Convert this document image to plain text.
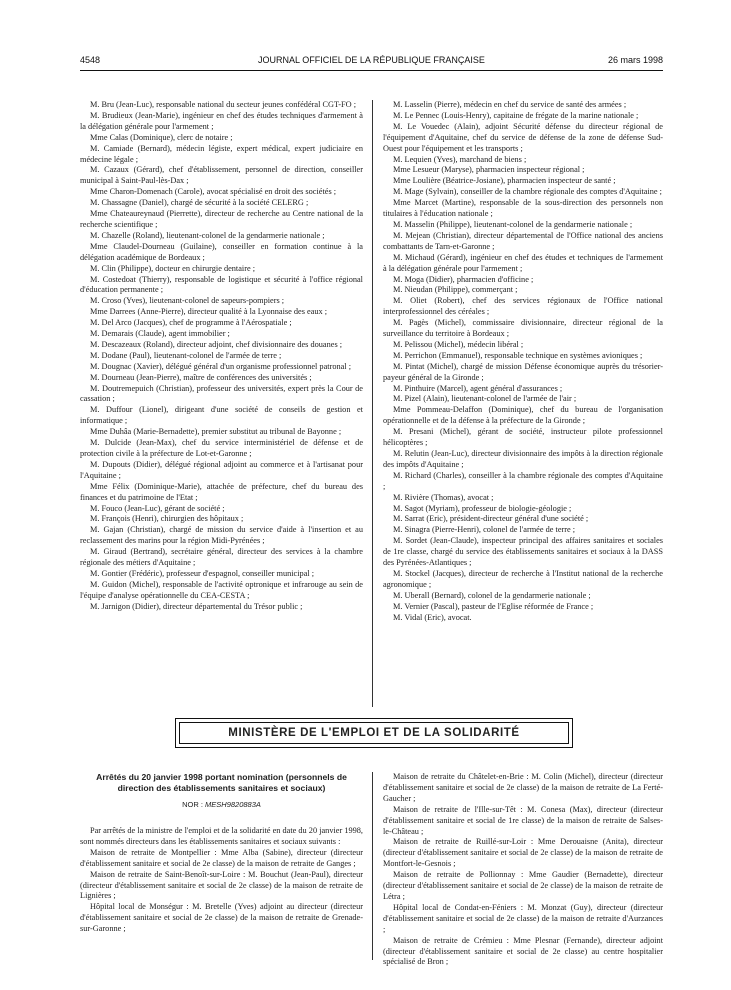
4548	JOURNAL OFFICIEL DE LA RÉPUBLIQUE FRANÇAISE	26 mars 1998

M. Bru (Jean-Luc), responsable national du secteur jeunes confédéral CGT-FO ;

M. Brudieux (Jean-Marie), ingénieur en chef des études techniques d'armement à la délégation générale pour l'armement ;

Mme Calas (Dominique), clerc de notaire ;

M. Camiade (Bernard), médecin légiste, expert médical, expert judiciaire en médecine légale ;

M. Cazaux (Gérard), chef d'établissement, personnel de direction, conseiller municipal à Saint-Paul-lès-Dax ;

Mme Charon-Domenach (Carole), avocat spécialisé en droit des sociétés ;

M. Chassagne (Daniel), chargé de sécurité à la société CELERG ;

Mme Chateaureynaud (Pierrette), directeur de recherche au Centre national de la recherche scientifique ;

M. Chazelle (Roland), lieutenant-colonel de la gendarmerie nationale ;

Mme Claudel-Dourneau (Guilaine), conseiller en formation continue à la délégation académique de Bordeaux ;

M. Clin (Philippe), docteur en chirurgie dentaire ;

M. Costedoat (Thierry), responsable de logistique et sécurité à l'office régional d'éducation permanente ;

M. Croso (Yves), lieutenant-colonel de sapeurs-pompiers ;

Mme Darrees (Anne-Pierre), directeur qualité à la Lyonnaise des eaux ;

M. Del Arco (Jacques), chef de programme à l'Aérospatiale ;

M. Demarais (Claude), agent immobilier ;

M. Descazeaux (Roland), directeur adjoint, chef divisionnaire des douanes ;

M. Dodane (Paul), lieutenant-colonel de l'armée de terre ;

M. Dougnac (Xavier), délégué général d'un organisme professionnel patronal ;

M. Dourneau (Jean-Pierre), maître de conférences des universités ;

M. Doutremepuich (Christian), professeur des universités, expert près la Cour de cassation ;

M. Duffour (Lionel), dirigeant d'une société de conseils de gestion et informatique ;

Mme Duhâa (Marie-Bernadette), premier substitut au tribunal de Bayonne ;

M. Dulcide (Jean-Max), chef du service interministériel de défense et de protection civile à la préfecture de Lot-et-Garonne ;

M. Dupouts (Didier), délégué régional adjoint au commerce et à l'artisanat pour l'Aquitaine ;

Mme Félix (Dominique-Marie), attachée de préfecture, chef du bureau des finances et du patrimoine de l'Etat ;

M. Fouco (Jean-Luc), gérant de société ;

M. François (Henri), chirurgien des hôpitaux ;

M. Gajan (Christian), chargé de mission du service d'aide à l'insertion et au reclassement des marins pour la région Midi-Pyrénées ;

M. Giraud (Bertrand), secrétaire général, directeur des services à la chambre régionale des métiers d'Aquitaine ;

M. Gontier (Frédéric), professeur d'espagnol, conseiller municipal ;

M. Guidon (Michel), responsable de l'activité optronique et infrarouge au sein de l'équipe d'analyse opérationnelle du CEA-CESTA ;

M. Jarnigon (Didier), directeur départemental du Trésor public ;

M. Lasselin (Pierre), médecin en chef du service de santé des armées ;

M. Le Pennec (Louis-Henry), capitaine de frégate de la marine nationale ;

M. Le Vouedec (Alain), adjoint Sécurité défense du directeur régional de l'équipement d'Aquitaine, chef du service de défense de la zone de défense Sud-Ouest pour l'équipement et les transports ;

M. Lequien (Yves), marchand de biens ;

Mme Lesueur (Maryse), pharmacien inspecteur régional ;

Mme Loulière (Béatrice-Josiane), pharmacien inspecteur de santé ;

M. Mage (Sylvain), conseiller de la chambre régionale des comptes d'Aquitaine ;

Mme Marcet (Martine), responsable de la sous-direction des personnels non titulaires à l'éducation nationale ;

M. Masselin (Philippe), lieutenant-colonel de la gendarmerie nationale ;

M. Mejean (Christian), directeur départemental de l'Office national des anciens combattants de Tarn-et-Garonne ;

M. Michaud (Gérard), ingénieur en chef des études et techniques de l'armement à la délégation générale pour l'armement ;

M. Moga (Didier), pharmacien d'officine ;

M. Nieudan (Philippe), commerçant ;

M. Oliet (Robert), chef des services régionaux de l'Office national interprofessionnel des céréales ;

M. Pagès (Michel), commissaire divisionnaire, directeur régional de la surveillance du territoire à Bordeaux ;

M. Pelissou (Michel), médecin libéral ;

M. Perrichon (Emmanuel), responsable technique en systèmes avioniques ;

M. Pintat (Michel), chargé de mission Défense économique auprès du trésorier-payeur général de la Gironde ;

M. Pinthuire (Marcel), agent général d'assurances ;

M. Pizel (Alain), lieutenant-colonel de l'armée de l'air ;

Mme Pommeau-Delaffon (Dominique), chef du bureau de l'organisation opérationnelle et de la défense à la préfecture de la Gironde ;

M. Presani (Michel), gérant de société, instructeur pilote professionnel hélicoptères ;

M. Relutin (Jean-Luc), directeur divisionnaire des impôts à la direction régionale des impôts d'Aquitaine ;

M. Richard (Charles), conseiller à la chambre régionale des comptes d'Aquitaine ;

M. Rivière (Thomas), avocat ;

M. Sagot (Myriam), professeur de biologie-géologie ;

M. Sarrat (Eric), président-directeur général d'une société ;

M. Sinagra (Pierre-Henri), colonel de l'armée de terre ;

M. Sordet (Jean-Claude), inspecteur principal des affaires sanitaires et sociales de 1re classe, chargé du service des établissements sanitaires et sociaux à la DASS des Pyrénées-Atlantiques ;

M. Stockel (Jacques), directeur de recherche à l'Institut national de la recherche agronomique ;

M. Uberall (Bernard), colonel de la gendarmerie nationale ;

M. Vernier (Pascal), pasteur de l'Eglise réformée de France ;

M. Vidal (Eric), avocat.

MINISTÈRE DE L'EMPLOI ET DE LA SOLIDARITÉ
Arrêtés du 20 janvier 1998 portant nomination (personnels de direction des établissements sanitaires et sociaux)
NOR : MESH9820883A

Par arrêtés de la ministre de l'emploi et de la solidarité en date du 20 janvier 1998, sont nommés directeurs dans les établissements sanitaires et sociaux suivants :

Maison de retraite de Montpellier : Mme Alba (Sabine), directeur (directeur d'établissement sanitaire et social de 2e classe) de la maison de retraite de Ganges ;

Maison de retraite de Saint-Benoît-sur-Loire : M. Bouchut (Jean-Paul), directeur (directeur d'établissement sanitaire et social de 2e classe) de la maison de retraite de Lignières ;

Hôpital local de Monségur : M. Bretelle (Yves) adjoint au directeur (directeur d'établissement sanitaire et social de 2e classe) de la maison de retraite de Grenade-sur-Garonne ;

Maison de retraite du Châtelet-en-Brie : M. Colin (Michel), directeur (directeur d'établissement sanitaire et social de 2e classe) de la maison de retraite de La Ferté-Gaucher ;

Maison de retraite de l'Ille-sur-Têt : M. Conesa (Max), directeur (directeur d'établissement sanitaire et social de 1re classe) de la maison de retraite de Salses-le-Château ;

Maison de retraite de Ruillé-sur-Loir : Mme Derouaisne (Anita), directeur (directeur d'établissement sanitaire et social de 2e classe) de la maison de retraite de Montfort-le-Gesnois ;

Maison de retraite de Pollionnay : Mme Gaudier (Bernadette), directeur (directeur d'établissement sanitaire et social de 2e classe) de la maison de retraite de Létra ;

Hôpital local de Condat-en-Féniers : M. Monzat (Guy), directeur (directeur d'établissement sanitaire et social de 2e classe) de la maison de retraite d'Aurzances ;

Maison de retraite de Crémieu : Mme Plesnar (Fernande), directeur adjoint (directeur d'établissement sanitaire et social de 2e classe) au centre hospitalier spécialisé de Bron ;
